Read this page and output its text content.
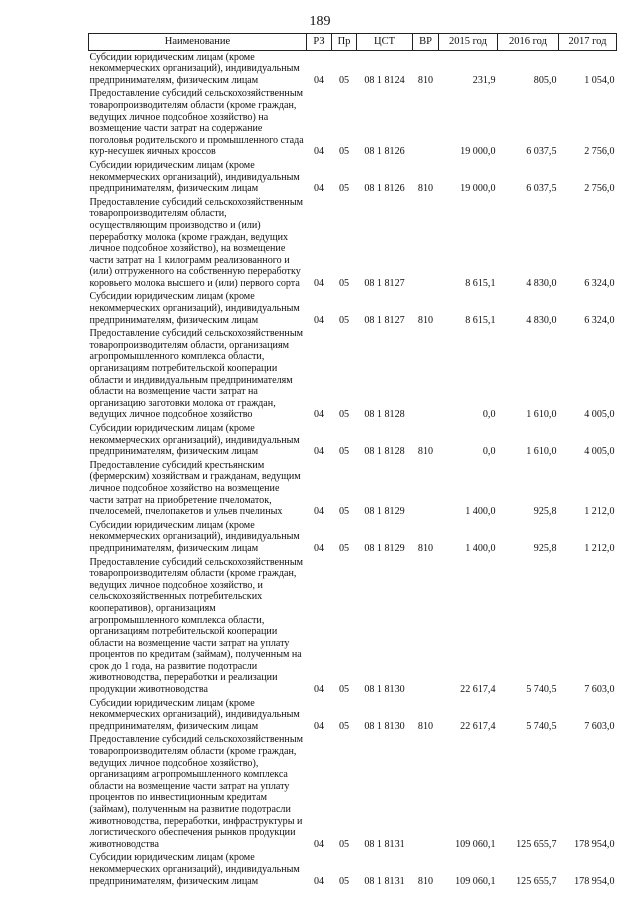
189
Наименование	РЗ	Пр	ЦСТ	ВР	2015 год	2016 год	2017 год
Субсидии юридическим лицам (кроме некоммерческих организаций), индивидуальным предпринимателям, физическим лицам	04	05	08 1 8124	810	231,9	805,0	1 054,0
Предоставление субсидий сельскохозяйственным товаропроизводителям области (кроме граждан, ведущих личное подсобное хозяйство) на возмещение части затрат на содержание поголовья родительского и промышленного стада кур-несушек яичных кроссов	04	05	08 1 8126		19 000,0	6 037,5	2 756,0
Субсидии юридическим лицам (кроме некоммерческих организаций), индивидуальным предпринимателям, физическим лицам	04	05	08 1 8126	810	19 000,0	6 037,5	2 756,0
Предоставление субсидий сельскохозяйственным товаропроизводителям области, осуществляющим производство и (или) переработку молока (кроме граждан, ведущих личное подсобное хозяйство), на возмещение части затрат на 1 килограмм реализованного и (или) отгруженного на собственную переработку коровьего молока высшего и (или) первого сорта	04	05	08 1 8127		8 615,1	4 830,0	6 324,0
Субсидии юридическим лицам (кроме некоммерческих организаций), индивидуальным предпринимателям, физическим лицам	04	05	08 1 8127	810	8 615,1	4 830,0	6 324,0
Предоставление субсидий сельскохозяйственным товаропроизводителям области, организациям агропромышленного комплекса области, организациям потребительской кооперации области и индивидуальным предпринимателям области на возмещение части затрат на организацию заготовки молока от граждан, ведущих личное подсобное хозяйство	04	05	08 1 8128		0,0	1 610,0	4 005,0
Субсидии юридическим лицам (кроме некоммерческих организаций), индивидуальным предпринимателям, физическим лицам	04	05	08 1 8128	810	0,0	1 610,0	4 005,0
Предоставление субсидий крестьянским (фермерским) хозяйствам и гражданам, ведущим личное подсобное хозяйство на возмещение части затрат на приобретение пчеломаток, пчелосемей, пчелопакетов и ульев пчелиных	04	05	08 1 8129		1 400,0	925,8	1 212,0
Субсидии юридическим лицам (кроме некоммерческих организаций), индивидуальным предпринимателям, физическим лицам	04	05	08 1 8129	810	1 400,0	925,8	1 212,0
Предоставление субсидий сельскохозяйственным товаропроизводителям области (кроме граждан, ведущих личное подсобное хозяйство, и сельскохозяйственных потребительских кооперативов), организациям агропромышленного комплекса области, организациям потребительской кооперации области на возмещение части затрат на уплату процентов по кредитам (займам), полученным на срок до 1 года, на развитие подотрасли животноводства, переработки и реализации продукции животноводства	04	05	08 1 8130		22 617,4	5 740,5	7 603,0
Субсидии юридическим лицам (кроме некоммерческих организаций), индивидуальным предпринимателям, физическим лицам	04	05	08 1 8130	810	22 617,4	5 740,5	7 603,0
Предоставление субсидий сельскохозяйственным товаропроизводителям области (кроме граждан, ведущих личное подсобное хозяйство), организациям агропромышленного комплекса области на возмещение части затрат на уплату процентов по инвестиционным кредитам (займам), полученным на развитие подотрасли животноводства, переработки, инфраструктуры и логистического обеспечения рынков продукции животноводства	04	05	08 1 8131		109 060,1	125 655,7	178 954,0
Субсидии юридическим лицам (кроме некоммерческих организаций), индивидуальным предпринимателям, физическим лицам	04	05	08 1 8131	810	109 060,1	125 655,7	178 954,0
